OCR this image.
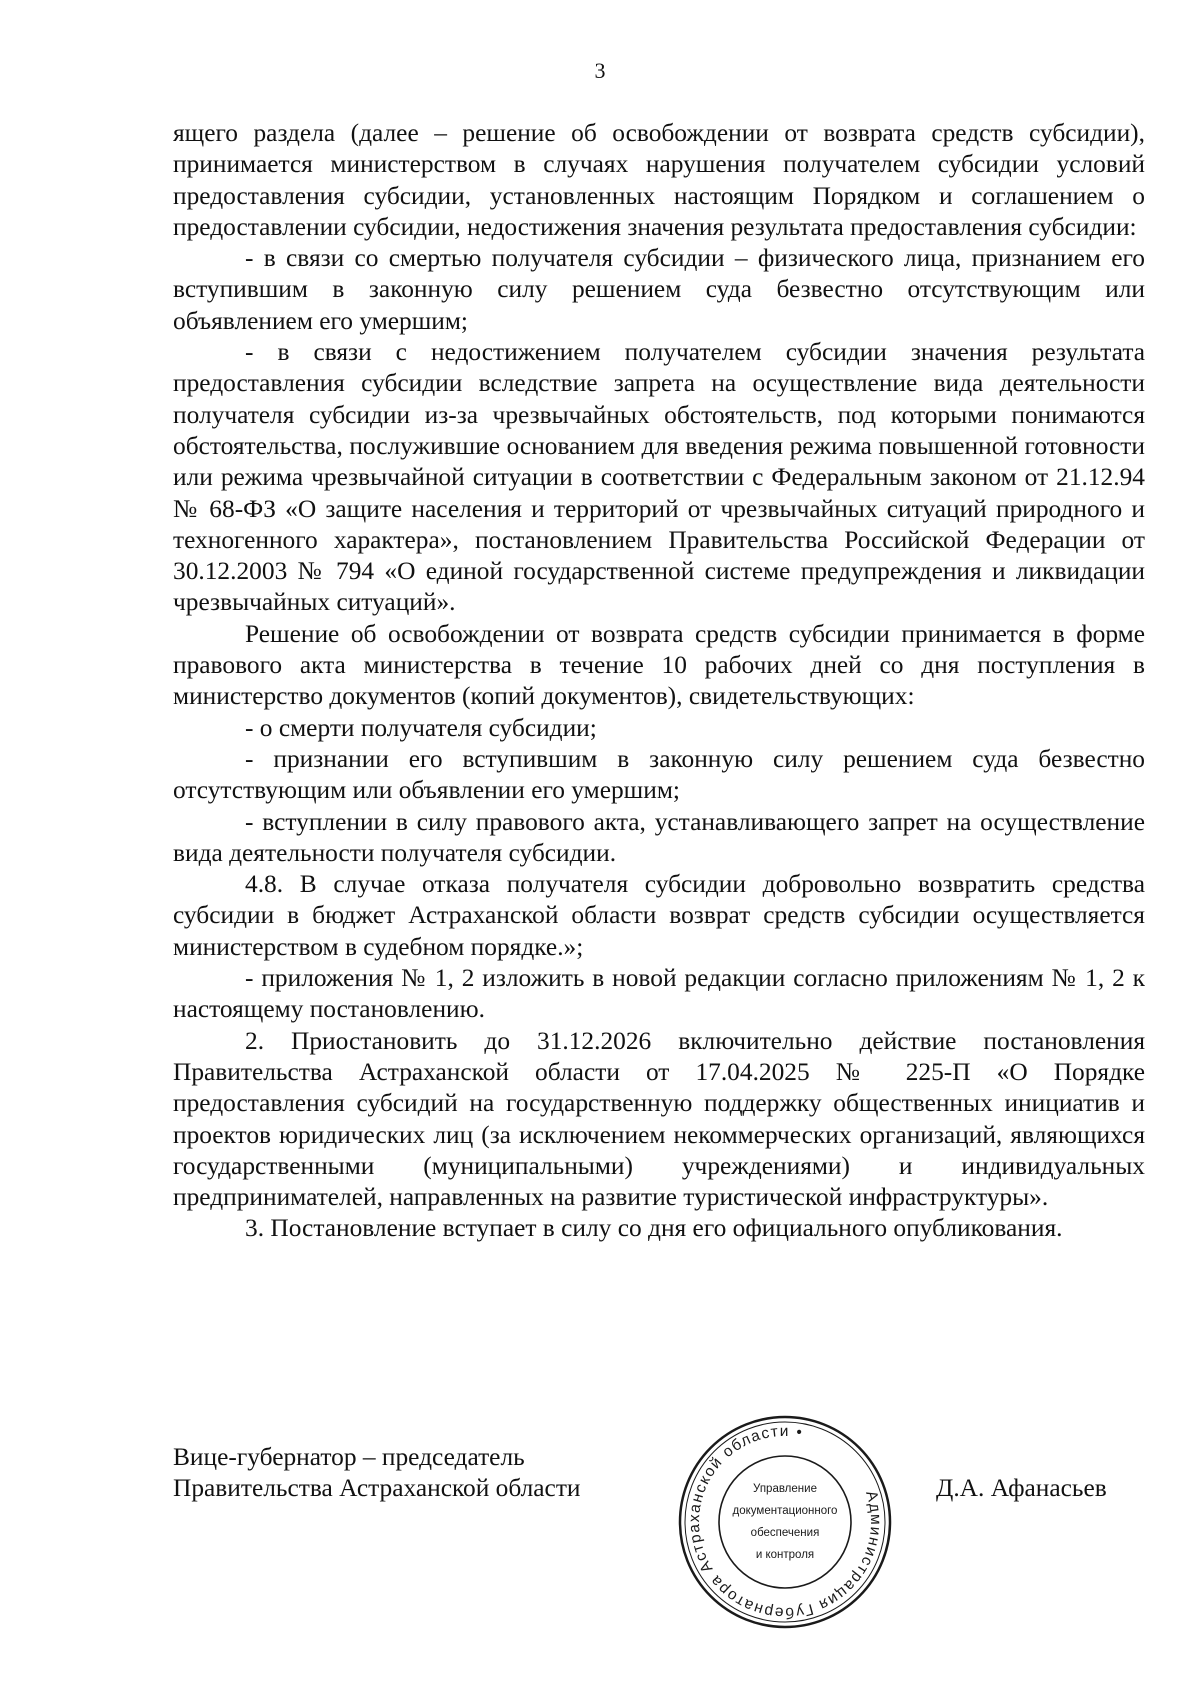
3

ящего раздела (далее – решение об освобождении от возврата средств субсидии), принимается министерством в случаях нарушения получателем субсидии условий предоставления субсидии, установленных настоящим Порядком и соглашением о предоставлении субсидии, недостижения значения результата предоставления субсидии:

- в связи со смертью получателя субсидии – физического лица, признанием его вступившим в законную силу решением суда безвестно отсутствующим или объявлением его умершим;

- в связи с недостижением получателем субсидии значения результата предоставления субсидии вследствие запрета на осуществление вида деятельности получателя субсидии из-за чрезвычайных обстоятельств, под которыми понимаются обстоятельства, послужившие основанием для введения режима повышенной готовности или режима чрезвычайной ситуации в соответствии с Федеральным законом от 21.12.94 № 68-ФЗ «О защите населения и территорий от чрезвычайных ситуаций природного и техногенного характера», постановлением Правительства Российской Федерации от 30.12.2003 № 794 «О единой государственной системе предупреждения и ликвидации чрезвычайных ситуаций».

Решение об освобождении от возврата средств субсидии принимается в форме правового акта министерства в течение 10 рабочих дней со дня поступления в министерство документов (копий документов), свидетельствующих:

- о смерти получателя субсидии;

- признании его вступившим в законную силу решением суда безвестно отсутствующим или объявлении его умершим;

- вступлении в силу правового акта, устанавливающего запрет на осуществление вида деятельности получателя субсидии.

4.8. В случае отказа получателя субсидии добровольно возвратить средства субсидии в бюджет Астраханской области возврат средств субсидии осуществляется министерством в судебном порядке.»;

- приложения № 1, 2 изложить в новой редакции согласно приложениям № 1, 2 к настоящему постановлению.

2. Приостановить до 31.12.2026 включительно действие постановления Правительства Астраханской области от 17.04.2025 № 225-П «О Порядке предоставления субсидий на государственную поддержку общественных инициатив и проектов юридических лиц (за исключением некоммерческих организаций, являющихся государственными (муниципальными) учреждениями) и индивидуальных предпринимателей, направленных на развитие туристической инфраструктуры».

3. Постановление вступает в силу со дня его официального опубликования.

Вице-губернатор – председатель
Правительства Астраханской области	Администрация Губернатора Астраханской области •
Управление
документационного
обеспечения
и контроля
Д.А. Афанасьев
